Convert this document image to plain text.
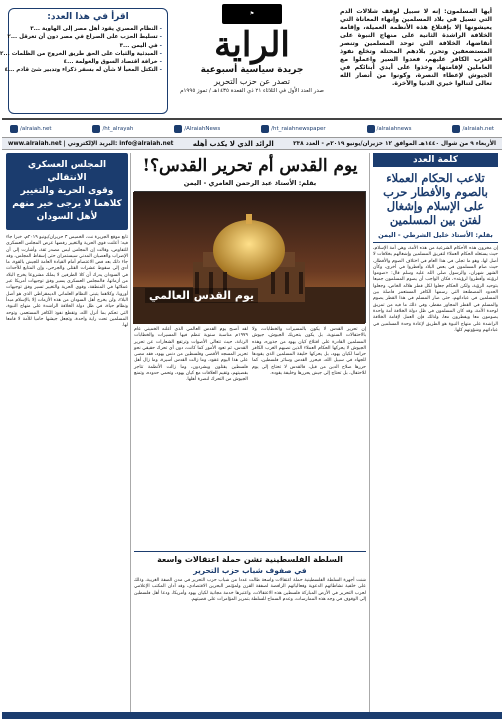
أيها المسلمون: إنه لا سبيل لوقف شلالات الدم التي تسيل في بلاد المسلمين وإنهاء المعاناة التي يعيشونها إلا بإقتلاع هذه الأنظمة العميلة، وإقامة الخلافة الراشدة الثانية على منهاج النبوة على أنقاضها، الخلافة التي توحد المسلمين وتنصر المستضعفين وتحرر بلادهم المحتلة وتخلع نفوذ الغرب الكافر عليهم، فعدوا السير واعملوا مع العاملين لإقامتها، وخذوا على أيدي أبنائكم في الجيوش لإعطاء النصرة، وكونوا من أنصار الله تعالى لتنالوا خيري الدنيا والآخرة.
⚑
الراية
جريدة سياسية أسبوعية
تصدر عن حزب التحرير
صدر العدد الأول في الثلاثاء ٢١ ذي القعدة ١٤٣٥هـ / تموز ١٩٩٥م
اقرأ في هذا العدد:
- النظام المصري يقود أهل مصر إلى الهاوية ...٣
- تسليط الحزب على الصراع في مصر دون أن تعرقل ...٢
- في اليمن ...٣
- المبدئية والثبات على الحق طريق الخروج من الظلمات ...٢
- خرافة اقتصاد السوق والعولمة ...٤
- التكتل المعبأ لا شأن له بسفر ذكراء وتدبير شئ قادم ...٤
/alraiah.net	/ht_alrayah	/AlraiahNews	/ht_raiahnewspaper	/alraiahnews	/alraiah.net
الأربعاء ٩ من شوال ١٤٤٠هـ الموافق ١٢ حزيران/يونيو ٢٠١٩م - العدد ٢٣٨
الرائد الذي لا يكذب أهله
www.alraiah.net | البريد الإلكتروني: info@alraiah.net
كلمة العدد
تلاعب الحكام العملاء بالصوم والأفطار حرب على الإسلام وإشغال لفتن بين المسلمين
بقلم: الأستاذ خليل الشرطي - اليمن
إن مخزون هذه الأحكام الشرعية من هذه الأمة، وهي أمة الإسلام، حيث يستغله الحكام العملاء لتفريق المسلمين وإشغالهم بخلافات لا أصل لها، وهو ما تجلى في هذا العام في اختلاف الصوم والأفطار، حيث صام المسلمون في بعض البلاد وأفطروا في أخرى، وكأن الشهر شهران، والرسول صلى الله عليه وسلم قال: «صوموا لرؤيته وأفطروا لرؤيته»، فكان الواجب أن يصوم المسلمون جميعا بتوحيد الرؤية، ولكن الحكام جعلوا لكل قطر هلاله الخاص، وجعلوا الحدود المصطنعة التي رسمها الكافر المستعمر فاصلة بين المسلمين في عباداتهم، حتى صار المسلم في هذا القطر يصوم والمسلم في القطر المجاور مفطر، وفي ذلك ما فيه من تمزيق لوحدة الأمة، وقد كان المسلمون في ظل دولة الخلافة أمة واحدة يصومون معا ويفطرون معا، ولذلك فإن العمل لإقامة الخلافة الراشدة على منهاج النبوة هو الطريق لإعادة وحدة المسلمين في عباداتهم وشؤونهم كلها.
يوم القدس أم تحرير القدس؟!
بقلم: الأستاذ عبد الرحمن العامري - اليمن
يوم القدس العالمي
إن تحرير القدس لا يكون بالمسيرات والخطابات، ولا بالاحتفالات السنوية، بل يكون بتحريك الجيوش، جيوش المسلمين القادرة على اقتلاع كيان يهود من جذوره، وهذه الجيوش لا يحركها الحكام العملاء الذين نصبهم الغرب الكافر حراسا لكيان يهود، بل يحركها خليفة المسلمين الذي يقودها للجهاد في سبيل الله، فيحرر القدس وسائر فلسطين، كما حررها صلاح الدين من قبل، فالقدس لا تحتاج إلى يوم للاحتفال، بل تحتاج إلى جيش يحررها وخليفة يقوده.
لقد أصبح يوم القدس العالمي الذي أعلنه الخميني عام ١٩٧٩م مناسبة سنوية تنظم فيها المسيرات والخطابات الرنانة، حيث تتعالى الأصوات وترتفع الشعارات عن تحرير القدس، ثم تعود الأمور كما كانت، دون أي تحرك حقيقي نحو تحرير المسجد الأقصى وفلسطين من دنس يهود، فقد مضى على هذا اليوم عقود، وما زالت القدس أسيرة، وما زال أهل فلسطين يقتلون ويشردون، وما زالت الأنظمة تتاجر بقضيتهم، وتقيم العلاقات مع كيان يهود، وتحمي حدوده، وتمنع الجيوش من التحرك لنصرة أهلها.
السلطة الفلسطينية تشن حملة اعتقالات واسعة
في صفوف شباب حزب التحرير
شنت أجهزة السلطة الفلسطينية حملة اعتقالات واسعة طالت عددا من شباب حزب التحرير في مدن الضفة الغربية، وذلك على خلفية نشاطاتهم الدعوية وفعالياتهم الرافضة لصفقة القرن ولمؤتمر البحرين الاقتصادي، وقد أدان المكتب الإعلامي لحزب التحرير في الأرض المباركة فلسطين هذه الاعتقالات، واعتبرها خدمة مجانية لكيان يهود وأمريكا، ودعا أهل فلسطين إلى الوقوف في وجه هذه الممارسات، وعدم السماح للسلطة بتمرير المؤامرات على قضيتهم.
المجلس العسكري الانتقالي
وقوى الحرية والتغيير
كلاهما لا يرجى خير منهم
لأهل السودان
تابع موقع الجزيرة نت، الخميس ٣ حزيران/يونيو ٢٠١٩م، خبرا جاء فيه: أعلنت قوى الحرية والتغيير رفضها عرض المجلس العسكري للتفاوض، وقالت إن المجلس ليس مصدر ثقة، وأشارت إلى أن الإضراب والعصيان المدني سيستمران حتى إسقاط المجلس، وقد جاء ذلك بعد فض الاعتصام أمام القيادة العامة للجيش بالقوة، ما أدى إلى سقوط عشرات القتلى والجرحى، وإن المتابع للأحداث في السودان يدرك أن كلا الطرفين لا يملك مشروعا يخرج البلاد من أزماتها، فالمجلس العسكري يسير وفق توجيهات أمريكا عبر عملائها في المنطقة، وقوى الحرية والتغيير تسير وفق توجيهات أوروبا، وكلاهما يتبنى النظام العلماني الديمقراطي الذي هو أصل البلاء، ولن يخرج أهل السودان من هذه الأزمات إلا بالإسلام مبدأ ونظام حياة، في ظل دولة الخلافة الراشدة على منهاج النبوة، التي تحكم بما أنزل الله، وتقطع نفوذ الكافر المستعمر، وتوحد المسلمين تحت راية واحدة، وتجعل جيشها حاميا للأمة لا قامعا لها.
